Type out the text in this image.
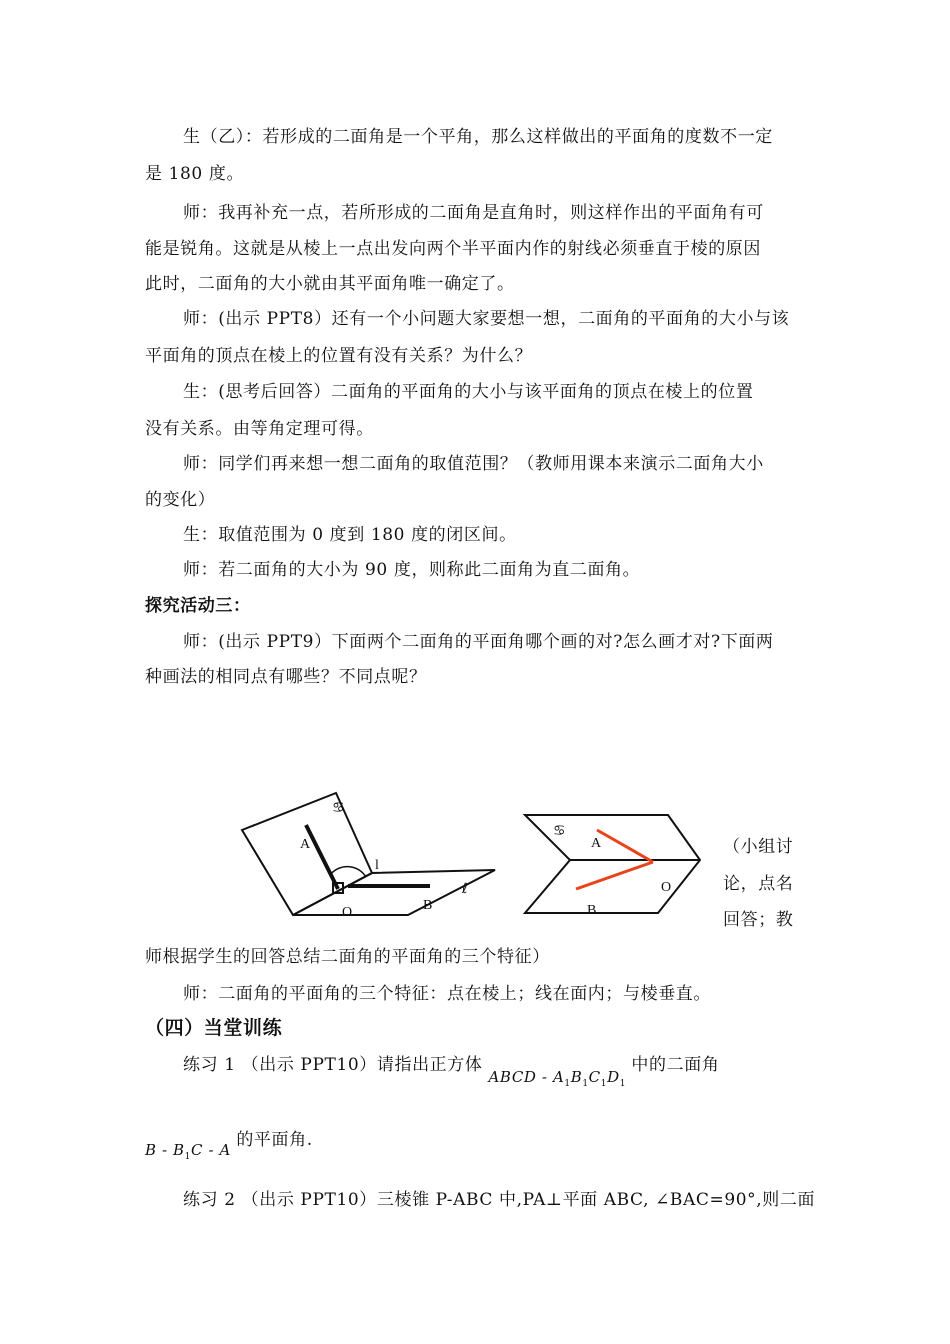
生（乙）：若形成的二面角是一个平角，那么这样做出的平面角的度数不一定
是 180 度。
师：我再补充一点，若所形成的二面角是直角时，则这样作出的平面角有可
能是锐角。这就是从棱上一点出发向两个半平面内作的射线必须垂直于棱的原因
此时，二面角的大小就由其平面角唯一确定了。
师：(出示 PPT8）还有一个小问题大家要想一想，二面角的平面角的大小与该
平面角的顶点在棱上的位置有没有关系？为什么？
生：(思考后回答）二面角的平面角的大小与该平面角的顶点在棱上的位置
没有关系。由等角定理可得。
师：同学们再来想一想二面角的取值范围？（教师用课本来演示二面角大小
的变化）
生：取值范围为 0 度到 180 度的闭区间。
师：若二面角的大小为 90 度，则称此二面角为直二面角。
探究活动三：
师：(出示 PPT9）下面两个二面角的平面角哪个画的对?怎么画才对?下面两
种画法的相同点有哪些？不同点呢？
A
O	B
l
♋
ℓ
A
O
B
♋
（小组讨
论，点名
回答；教
师根据学生的回答总结二面角的平面角的三个特征）
师：二面角的平面角的三个特征：点在棱上；线在面内；与棱垂直。
（四）当堂训练
练习 1 （出示 PPT10）请指出正方体 ABCD - $A_1B_1C_1D_1$ 中的二面角
B - $B_1C$ - A 的平面角.
练习 2 （出示 PPT10）三棱锥 P-ABC 中,PA⊥平面 ABC, ∠BAC=90°,则二面
